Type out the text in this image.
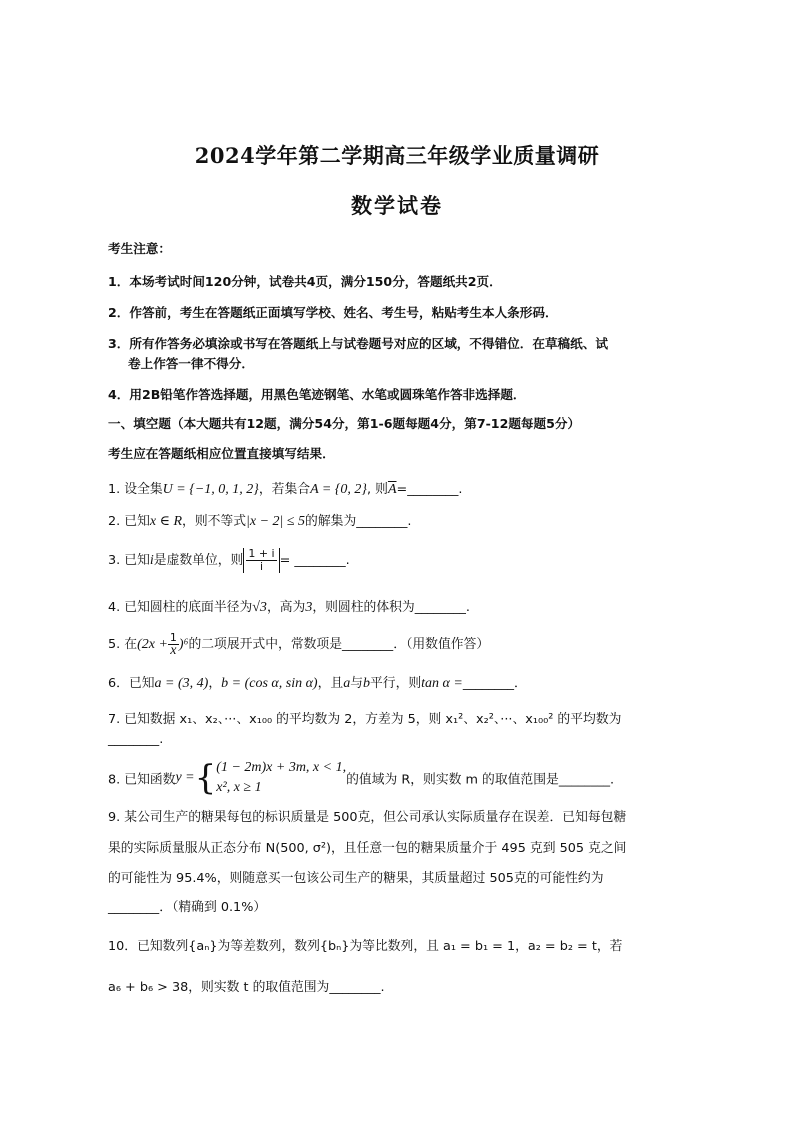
2024学年第二学期高三年级学业质量调研
数学试卷
考生注意：
1．本场考试时间120分钟，试卷共4页，满分150分，答题纸共2页．
2．作答前，考生在答题纸正面填写学校、姓名、考生号，粘贴考生本人条形码．
3．所有作答务必填涂或书写在答题纸上与试卷题号对应的区域，不得错位．在草稿纸、试
卷上作答一律不得分．
4．用2B铅笔作答选择题，用黑色笔迹钢笔、水笔或圆珠笔作答非选择题．
一、填空题（本大题共有12题，满分54分，第1-6题每题4分，第7-12题每题5分）
考生应在答题纸相应位置直接填写结果．
1. 设全集U = {−1, 0, 1, 2}，若集合A = {0, 2}, 则$\overline{A}=\_\_\_\_\_\_\_\_$.
2. 已知x ∈ R，则不等式|x − 2| ≤ 5的解集为________.
3. 已知i是虚数单位，则 $\frac{1 + i}{i}$ = ________.
4. 已知圆柱的底面半径为√3，高为3，则圆柱的体积为________.
5. 在$(2x + \frac{1}{x} )^6$的二项展开式中，常数项是________．（用数值作答）
6．已知a = (3, 4)，b = (cos α, sin α)，且a与b平行，则tan α =________．
7. 已知数据 x₁、x₂、···、x₁₀₀ 的平均数为 2，方差为 5，则 x₁²、x₂²、···、x₁₀₀² 的平均数为
________.
8. 已知函数y ={ (1 − 2m)x + 3m, x < 1,
x², x ≥ 1	的值域为 R，则实数 m 的取值范围是________.
9. 某公司生产的糖果每包的标识质量是 500克，但公司承认实际质量存在误差．已知每包糖
果的实际质量服从正态分布 N(500, σ²)，且任意一包的糖果质量介于 495 克到 505 克之间
的可能性为 95.4%，则随意买一包该公司生产的糖果，其质量超过 505克的可能性约为
________．（精确到 0.1%）
10．已知数列{aₙ}为等差数列，数列{bₙ}为等比数列，且 a₁ = b₁ = 1，a₂ = b₂ = t，若
a₆ + b₆ > 38，则实数 t 的取值范围为________.
